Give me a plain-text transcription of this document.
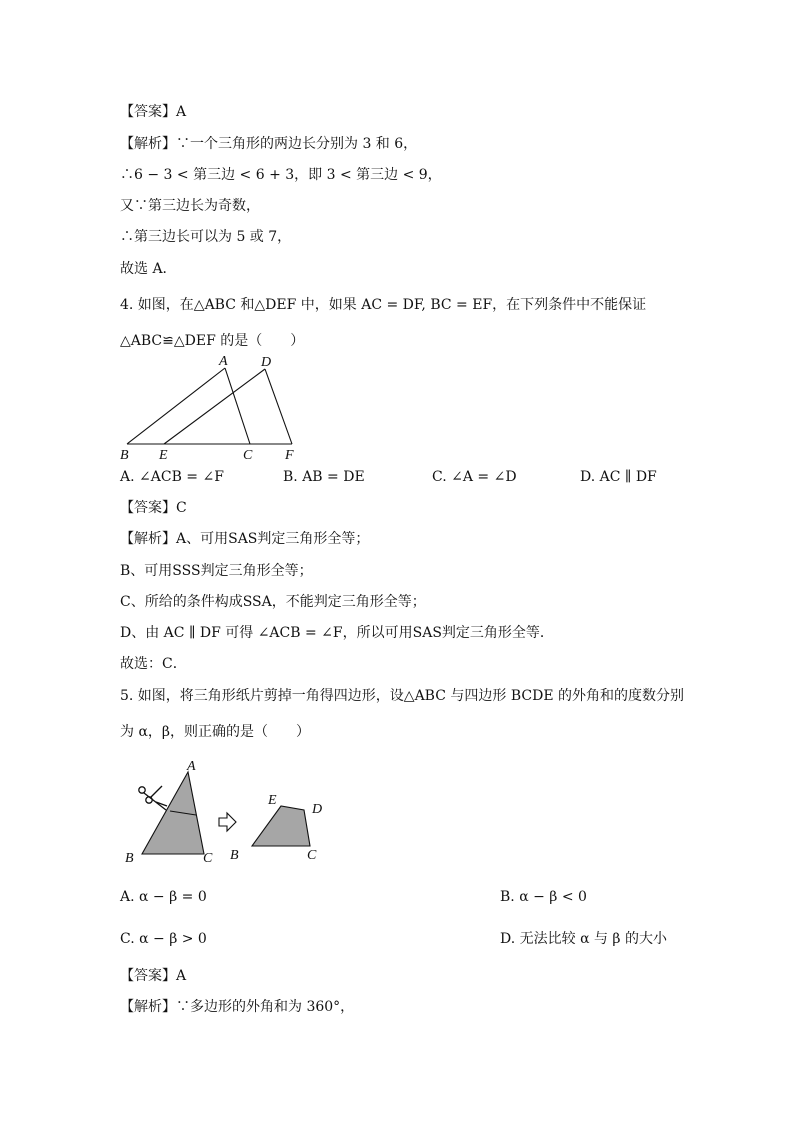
【答案】A
【解析】∵一个三角形的两边长分别为 3 和 6，
∴6 − 3 < 第三边 < 6 + 3，即 3 < 第三边 < 9，
又∵第三边长为奇数，
∴第三边长可以为 5 或 7，
故选 A．
4. 如图，在△ABC 和△DEF 中，如果 AC = DF, BC = EF，在下列条件中不能保证
△ABC≌△DEF 的是（　　）
A D
B E	C F
A. ∠ACB = ∠F	B. AB = DE	C. ∠A = ∠D	D. AC ∥ DF
【答案】C
【解析】A、可用SAS判定三角形全等；
B、可用SSS判定三角形全等；
C、所给的条件构成SSA，不能判定三角形全等；
D、由 AC ∥ DF 可得 ∠ACB = ∠F，所以可用SAS判定三角形全等．
故选：C．
5. 如图，将三角形纸片剪掉一角得四边形，设△ABC 与四边形 BCDE 的外角和的度数分别
为 α，β，则正确的是（　　）
A
B	C
E
D
B	C
A. α − β = 0	B. α − β < 0
C. α − β > 0	D. 无法比较 α 与 β 的大小
【答案】A
【解析】∵多边形的外角和为 360°，
